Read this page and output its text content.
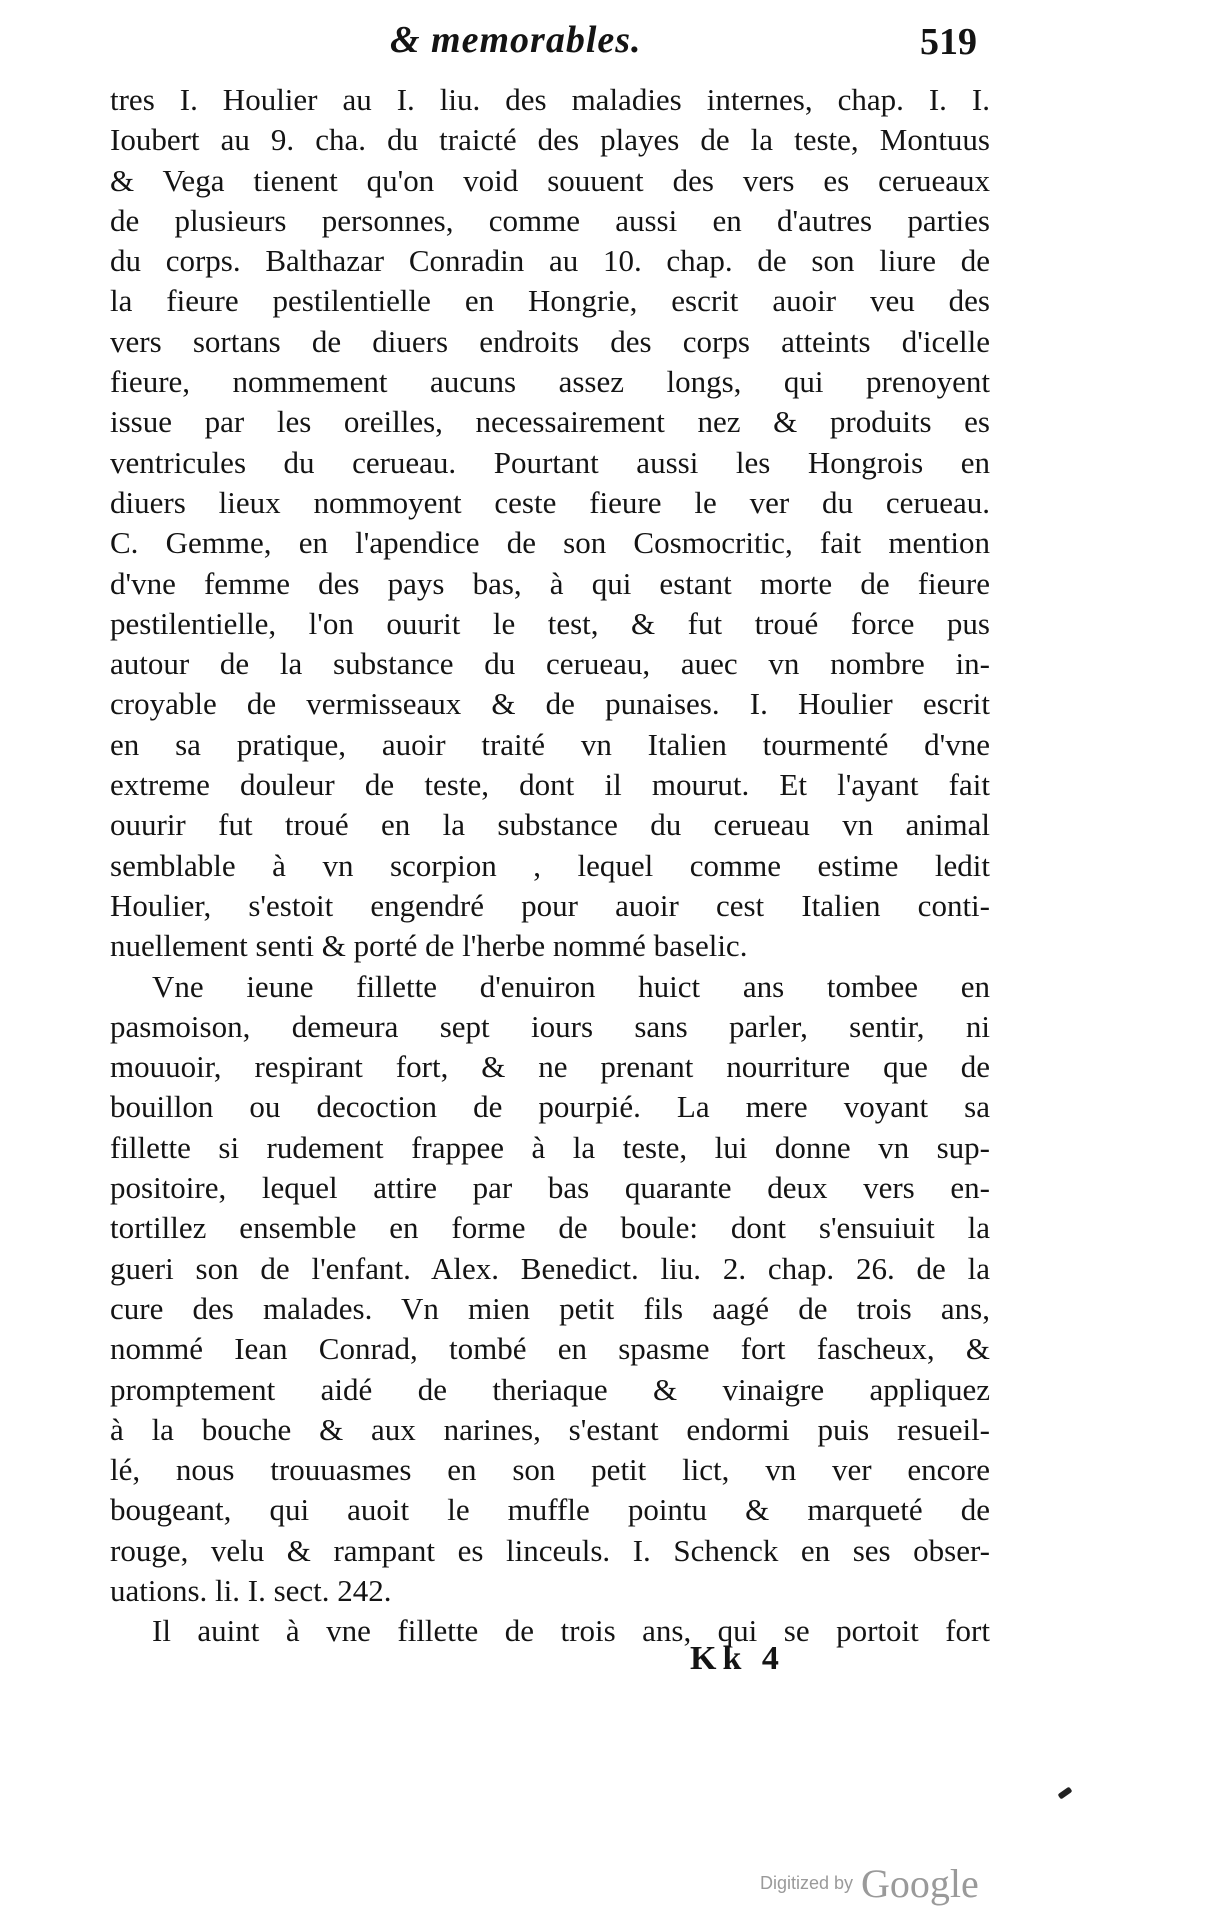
& memorables.	519
tres I. Houlier au I. liu. des maladies internes, chap. I. I.
Ioubert au 9. cha. du traicté des playes de la teste, Montuus
& Vega tienent qu'on void souuent des vers es cerueaux
de plusieurs personnes, comme aussi en d'autres parties
du corps. Balthazar Conradin au 10. chap. de son liure de
la fieure pestilentielle en Hongrie, escrit auoir veu des
vers sortans de diuers endroits des corps atteints d'icelle
fieure, nommement aucuns assez longs, qui prenoyent
issue par les oreilles, necessairement nez & produits es
ventricules du cerueau. Pourtant aussi les Hongrois en
diuers lieux nommoyent ceste fieure le ver du cerueau.
C. Gemme, en l'apendice de son Cosmocritic, fait mention
d'vne femme des pays bas, à qui estant morte de fieure
pestilentielle, l'on ouurit le test, & fut troué force pus
autour de la substance du cerueau, auec vn nombre in-
croyable de vermisseaux & de punaises. I. Houlier escrit
en sa pratique, auoir traité vn Italien tourmenté d'vne
extreme douleur de teste, dont il mourut. Et l'ayant fait
ouurir fut troué en la substance du cerueau vn animal
semblable à vn scorpion , lequel comme estime ledit
Houlier, s'estoit engendré pour auoir cest Italien conti-
nuellement senti & porté de l'herbe nommé baselic.
Vne ieune fillette d'enuiron huict ans tombee en
pasmoison, demeura sept iours sans parler, sentir, ni
mouuoir, respirant fort, & ne prenant nourriture que de
bouillon ou decoction de pourpié. La mere voyant sa
fillette si rudement frappee à la teste, lui donne vn sup-
positoire, lequel attire par bas quarante deux vers en-
tortillez ensemble en forme de boule: dont s'ensuiuit la
gueri son de l'enfant. Alex. Benedict. liu. 2. chap. 26. de la
cure des malades. Vn mien petit fils aagé de trois ans,
nommé Iean Conrad, tombé en spasme fort fascheux, &
promptement aidé de theriaque & vinaigre appliquez
à la bouche & aux narines, s'estant endormi puis resueil-
lé, nous trouuasmes en son petit lict, vn ver encore
bougeant, qui auoit le muffle pointu & marqueté de
rouge, velu & rampant es linceuls. I. Schenck en ses obser-
uations. li. I. sect. 242.
Il auint à vne fillette de trois ans, qui se portoit fort
Kk 4
Digitized by Google
